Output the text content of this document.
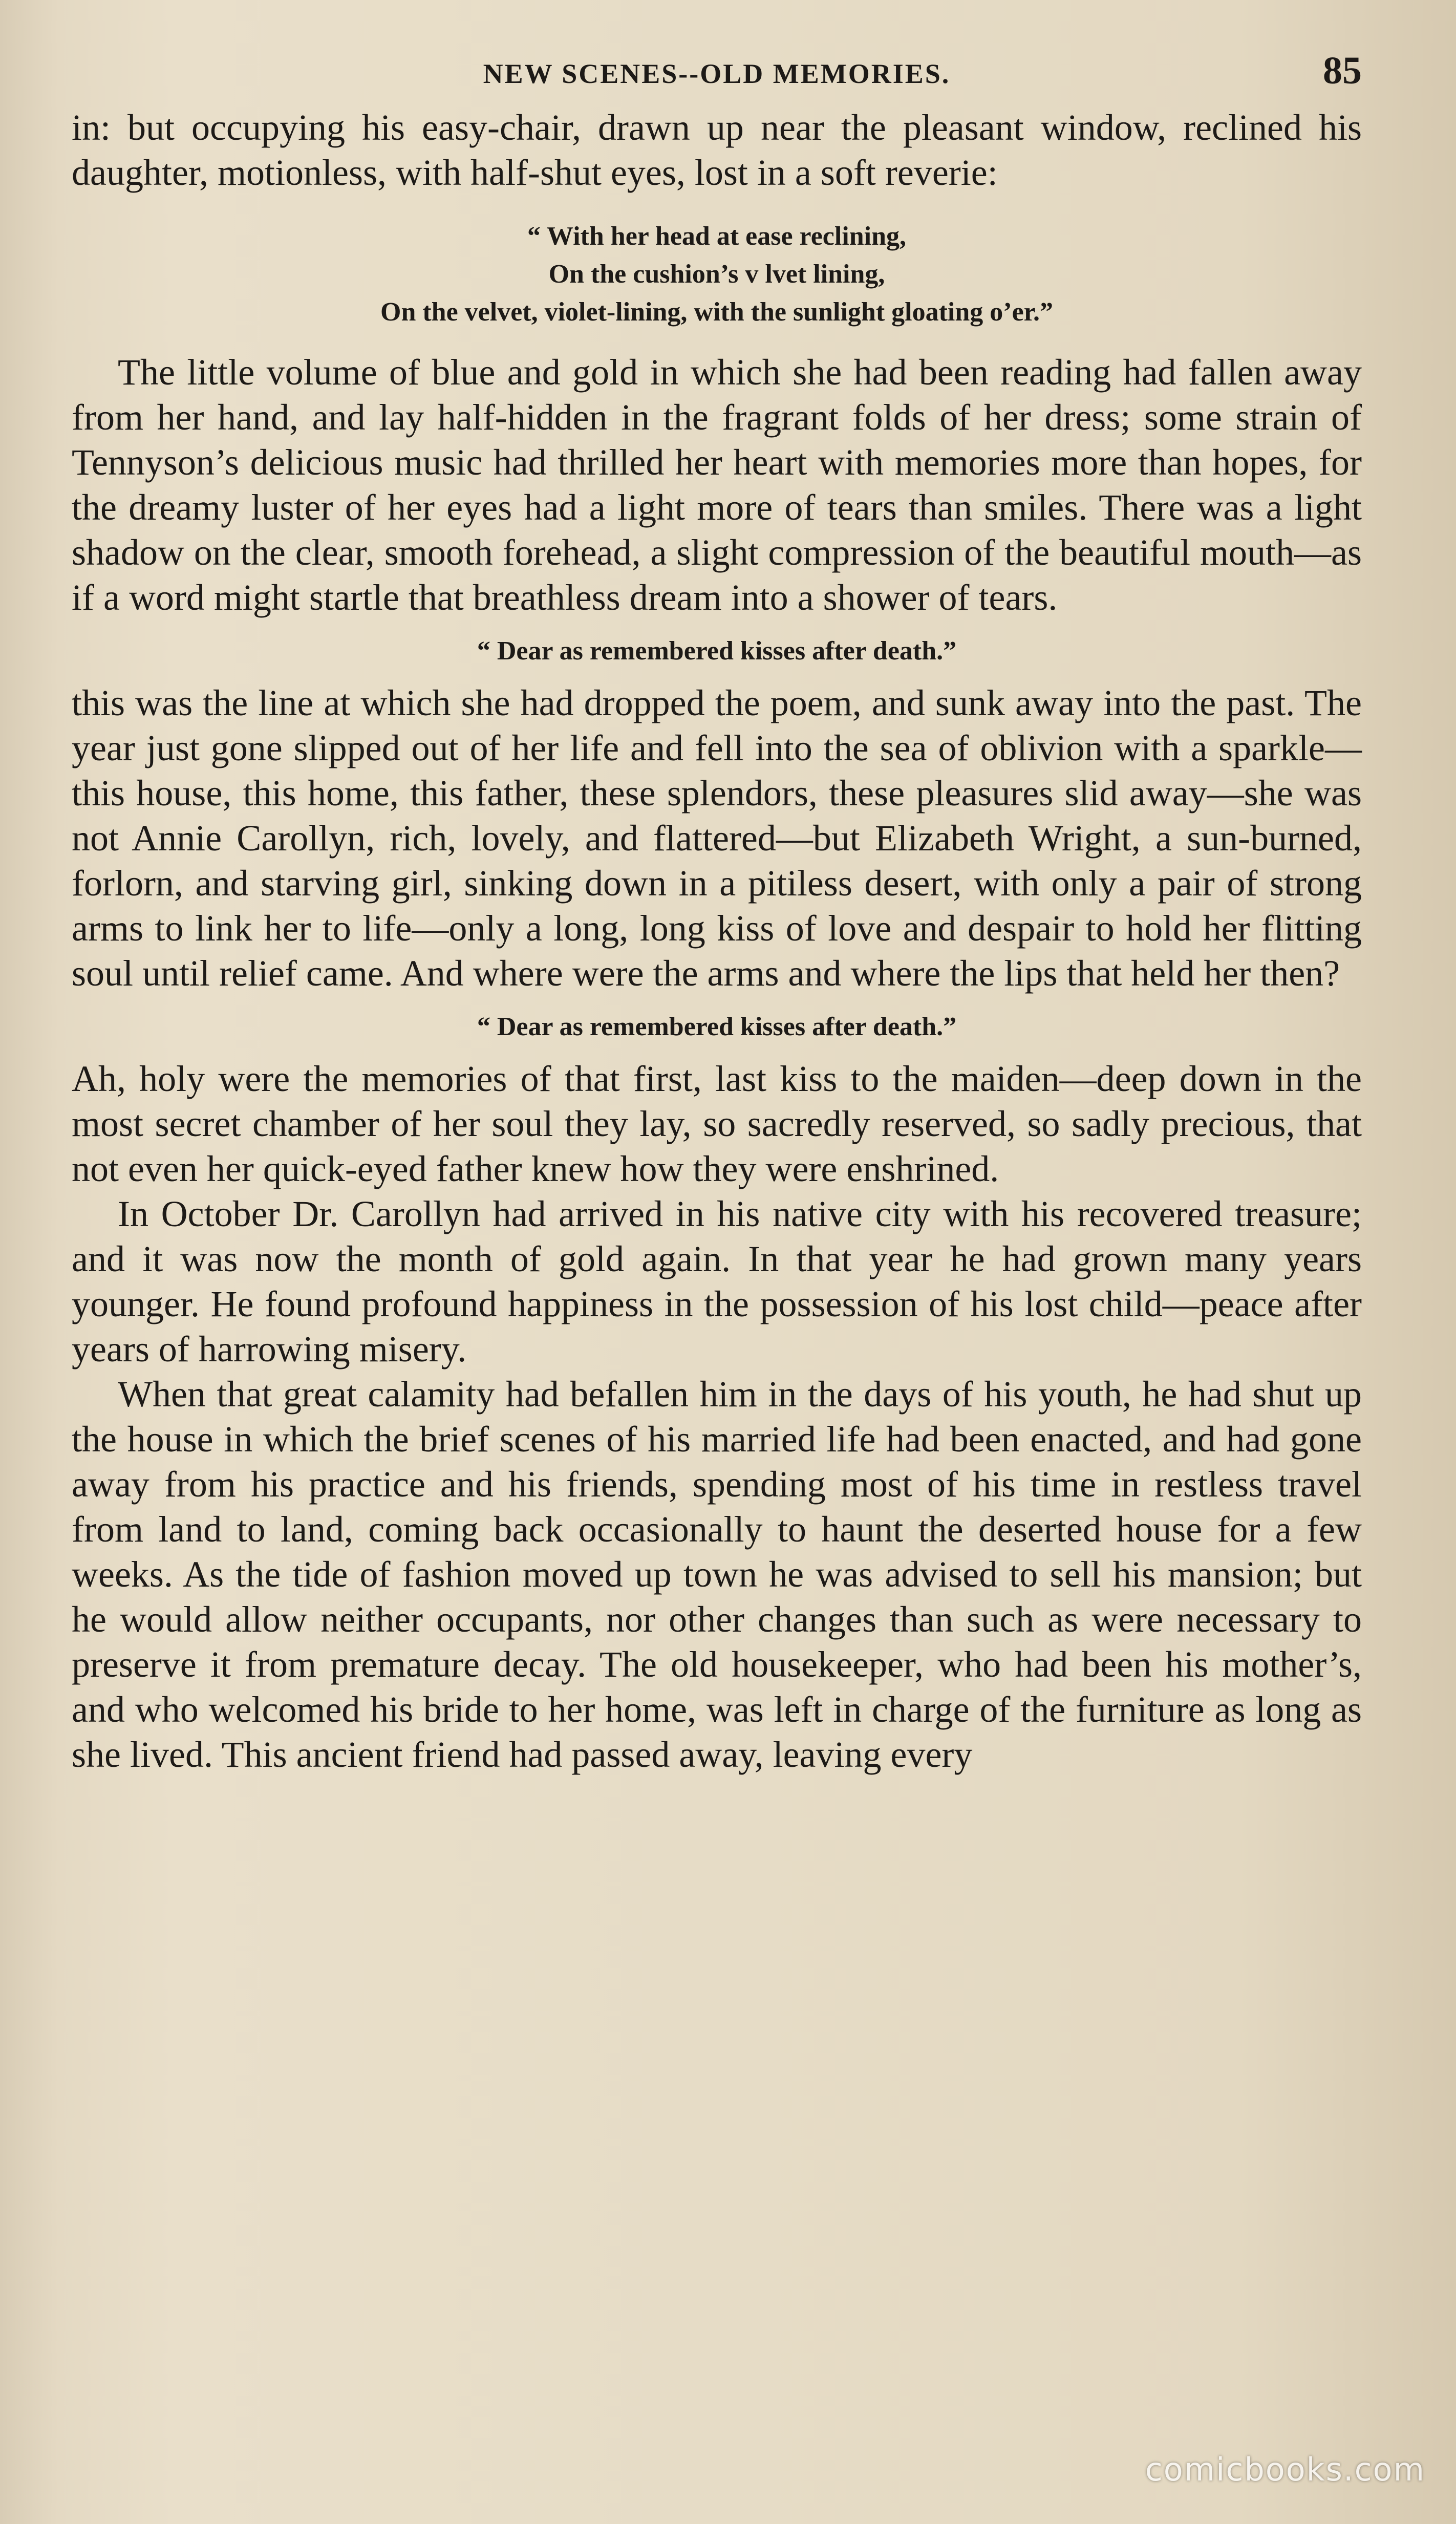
NEW SCENES--OLD MEMORIES.	85

in: but occupying his easy-chair, drawn up near the pleasant window, reclined his daughter, motionless, with half-shut eyes, lost in a soft reverie:

“ With her head at ease reclining,
On the cushion’s v lvet lining,
On the velvet, violet-lining, with the sunlight gloating o’er.”

The little volume of blue and gold in which she had been reading had fallen away from her hand, and lay half-hidden in the fragrant folds of her dress; some strain of Tennyson’s delicious music had thrilled her heart with memories more than hopes, for the dreamy luster of her eyes had a light more of tears than smiles. There was a light shadow on the clear, smooth forehead, a slight compression of the beautiful mouth—as if a word might startle that breathless dream into a shower of tears.

“ Dear as remembered kisses after death.”

this was the line at which she had dropped the poem, and sunk away into the past. The year just gone slipped out of her life and fell into the sea of oblivion with a sparkle—this house, this home, this father, these splendors, these pleasures slid away—she was not Annie Carollyn, rich, lovely, and flattered—but Elizabeth Wright, a sun-burned, forlorn, and starving girl, sinking down in a pitiless desert, with only a pair of strong arms to link her to life—only a long, long kiss of love and despair to hold her flitting soul until relief came. And where were the arms and where the lips that held her then?

“ Dear as remembered kisses after death.”

Ah, holy were the memories of that first, last kiss to the maiden—deep down in the most secret chamber of her soul they lay, so sacredly reserved, so sadly precious, that not even her quick-eyed father knew how they were enshrined.

In October Dr. Carollyn had arrived in his native city with his recovered treasure; and it was now the month of gold again. In that year he had grown many years younger. He found profound happiness in the possession of his lost child—peace after years of harrowing misery.

When that great calamity had befallen him in the days of his youth, he had shut up the house in which the brief scenes of his married life had been enacted, and had gone away from his practice and his friends, spending most of his time in restless travel from land to land, coming back occasionally to haunt the deserted house for a few weeks. As the tide of fashion moved up town he was advised to sell his mansion; but he would allow neither occupants, nor other changes than such as were necessary to preserve it from premature decay. The old housekeeper, who had been his mother’s, and who welcomed his bride to her home, was left in charge of the furniture as long as she lived. This ancient friend had passed away, leaving every

comicbooks.com
